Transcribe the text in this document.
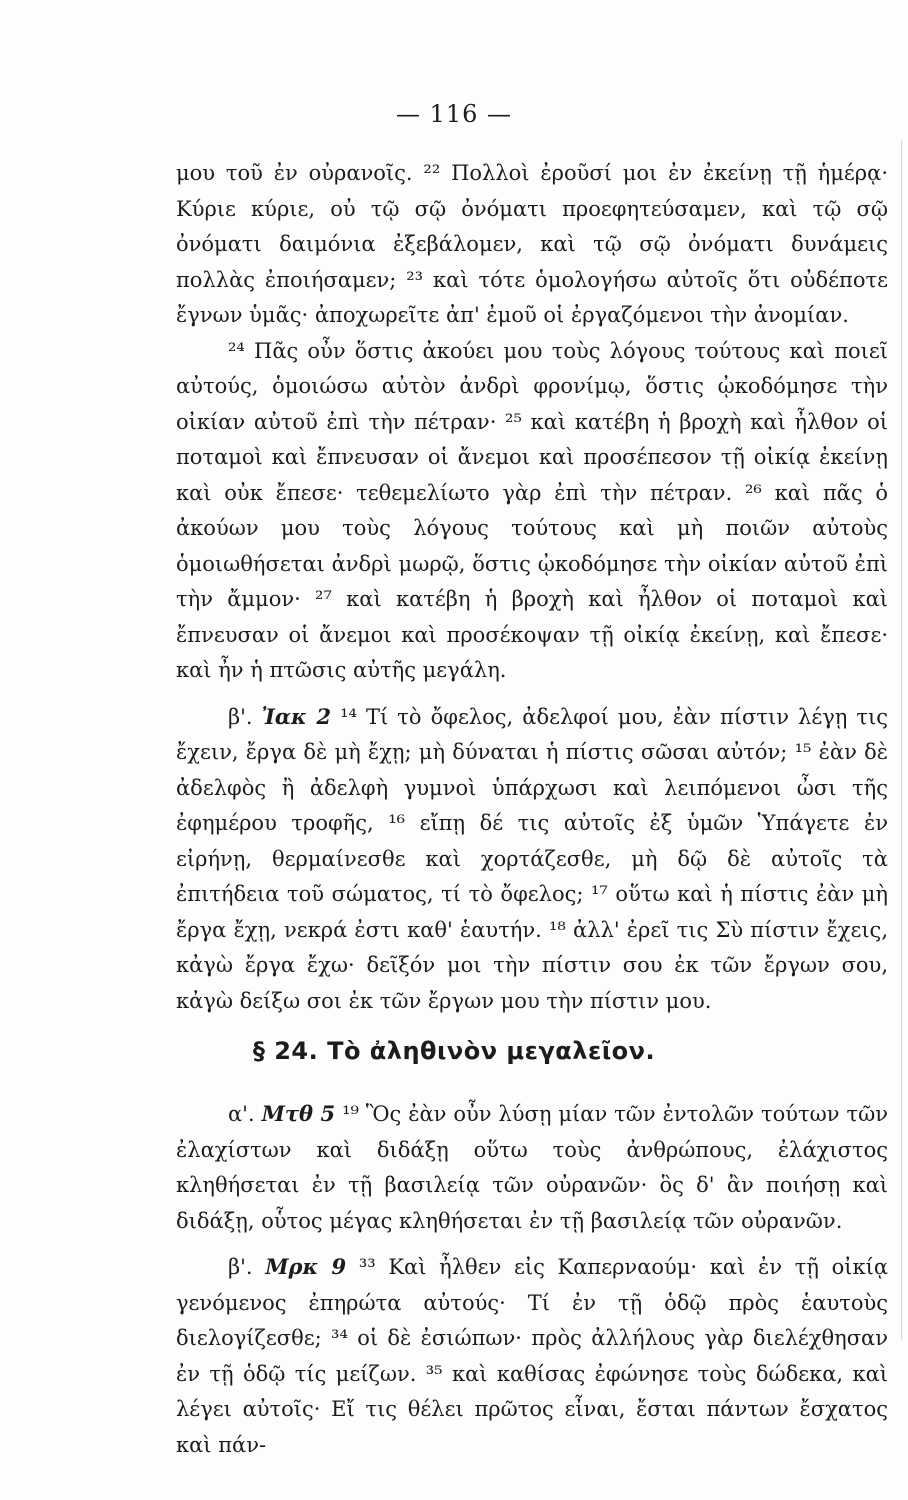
— 116 —

μου τοῦ ἐν οὐρανοῖς. ²² Πολλοὶ ἐροῦσί μοι ἐν ἐκείνῃ τῇ ἡμέρᾳ· Κύριε κύριε, οὐ τῷ σῷ ὀνόματι προεφητεύσαμεν, καὶ τῷ σῷ ὀνόματι δαιμόνια ἐξεβάλομεν, καὶ τῷ σῷ ὀνόματι δυνάμεις πολλὰς ἐποιήσαμεν; ²³ καὶ τότε ὁμολογήσω αὐτοῖς ὅτι οὐδέποτε ἔγνων ὑμᾶς· ἀποχωρεῖτε ἀπ' ἐμοῦ οἱ ἐργαζόμενοι τὴν ἀνομίαν.

²⁴ Πᾶς οὖν ὅστις ἀκούει μου τοὺς λόγους τούτους καὶ ποιεῖ αὐτούς, ὁμοιώσω αὐτὸν ἀνδρὶ φρονίμῳ, ὅστις ᾠκοδόμησε τὴν οἰκίαν αὐτοῦ ἐπὶ τὴν πέτραν· ²⁵ καὶ κατέβη ἡ βροχὴ καὶ ἦλθον οἱ ποταμοὶ καὶ ἔπνευσαν οἱ ἄνεμοι καὶ προσέπεσον τῇ οἰκίᾳ ἐκείνῃ καὶ οὐκ ἔπεσε· τεθεμελίωτο γὰρ ἐπὶ τὴν πέτραν. ²⁶ καὶ πᾶς ὁ ἀκούων μου τοὺς λόγους τούτους καὶ μὴ ποιῶν αὐτοὺς ὁμοιωθήσεται ἀνδρὶ μωρῷ, ὅστις ᾠκοδόμησε τὴν οἰκίαν αὐτοῦ ἐπὶ τὴν ἄμμον· ²⁷ καὶ κατέβη ἡ βροχὴ καὶ ἦλθον οἱ ποταμοὶ καὶ ἔπνευσαν οἱ ἄνεμοι καὶ προσέκοψαν τῇ οἰκίᾳ ἐκείνῃ, καὶ ἔπεσε· καὶ ἦν ἡ πτῶσις αὐτῆς μεγάλη.

β'. Ἰακ 2 ¹⁴ Τί τὸ ὄφελος, ἀδελφοί μου, ἐὰν πίστιν λέγῃ τις ἔχειν, ἔργα δὲ μὴ ἔχῃ; μὴ δύναται ἡ πίστις σῶσαι αὐτόν; ¹⁵ ἐὰν δὲ ἀδελφὸς ἢ ἀδελφὴ γυμνοὶ ὑπάρχωσι καὶ λειπόμενοι ὦσι τῆς ἐφημέρου τροφῆς, ¹⁶ εἴπῃ δέ τις αὐτοῖς ἐξ ὑμῶν Ὑπάγετε ἐν εἰρήνῃ, θερμαίνεσθε καὶ χορτάζεσθε, μὴ δῷ δὲ αὐτοῖς τὰ ἐπιτήδεια τοῦ σώματος, τί τὸ ὄφελος; ¹⁷ οὕτω καὶ ἡ πίστις ἐὰν μὴ ἔργα ἔχῃ, νεκρά ἐστι καθ' ἑαυτήν. ¹⁸ ἀλλ' ἐρεῖ τις Σὺ πίστιν ἔχεις, κἀγὼ ἔργα ἔχω· δεῖξόν μοι τὴν πίστιν σου ἐκ τῶν ἔργων σου, κἀγὼ δείξω σοι ἐκ τῶν ἔργων μου τὴν πίστιν μου.

§ 24. Τὸ ἀληθινὸν μεγαλεῖον.

α'. Μτθ 5 ¹⁹ Ὃς ἐὰν οὖν λύσῃ μίαν τῶν ἐντολῶν τούτων τῶν ἐλαχίστων καὶ διδάξῃ οὕτω τοὺς ἀνθρώπους, ἐλάχιστος κληθήσεται ἐν τῇ βασιλείᾳ τῶν οὐρανῶν· ὃς δ' ἂν ποιήσῃ καὶ διδάξῃ, οὗτος μέγας κληθήσεται ἐν τῇ βασιλείᾳ τῶν οὐρανῶν.

β'. Μρκ 9 ³³ Καὶ ἦλθεν εἰς Καπερναούμ· καὶ ἐν τῇ οἰκίᾳ γενόμενος ἐπηρώτα αὐτούς· Τί ἐν τῇ ὁδῷ πρὸς ἑαυτοὺς διελογίζεσθε; ³⁴ οἱ δὲ ἐσιώπων· πρὸς ἀλλήλους γὰρ διελέχθησαν ἐν τῇ ὁδῷ τίς μείζων. ³⁵ καὶ καθίσας ἐφώνησε τοὺς δώδεκα, καὶ λέγει αὐτοῖς· Εἴ τις θέλει πρῶτος εἶναι, ἔσται πάντων ἔσχατος καὶ πάν-
